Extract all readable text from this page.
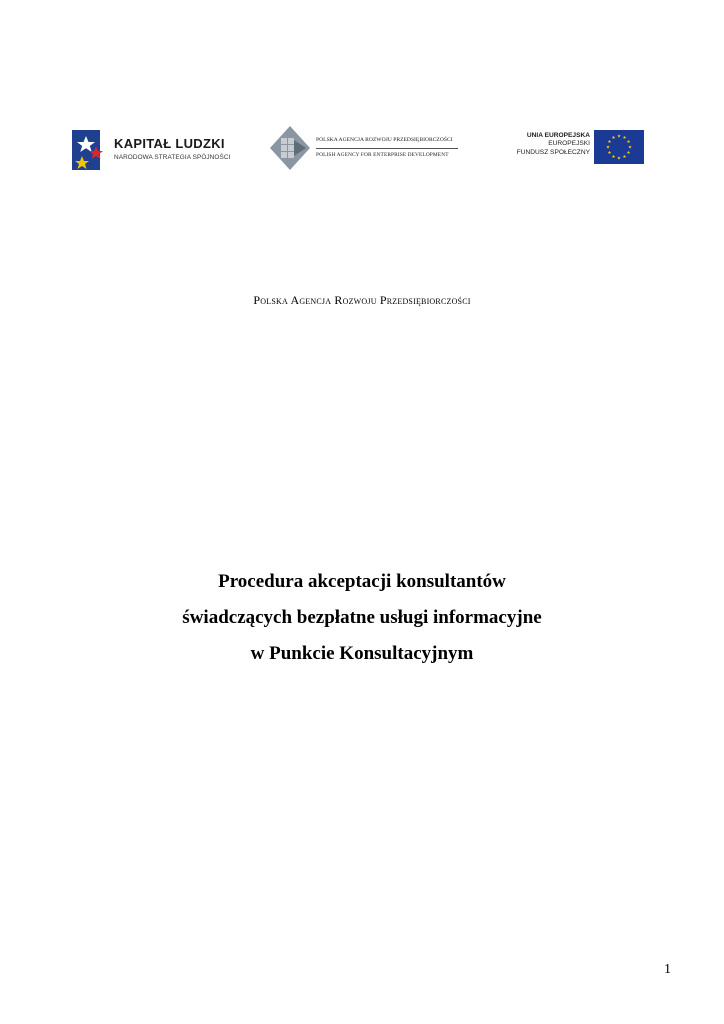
KAPITAŁ LUDZKI
NARODOWA STRATEGIA SPÓJNOŚCI
POLSKA AGENCJA ROZWOJU PRZEDSIĘBIORCZOŚCI
POLISH AGENCY FOR ENTERPRISE DEVELOPMENT
UNIA EUROPEJSKA
EUROPEJSKI
FUNDUSZ SPOŁECZNY
Polska Agencja Rozwoju Przedsiębiorczości
Procedura akceptacji konsultantów
świadczących bezpłatne usługi informacyjne
w Punkcie Konsultacyjnym
1
